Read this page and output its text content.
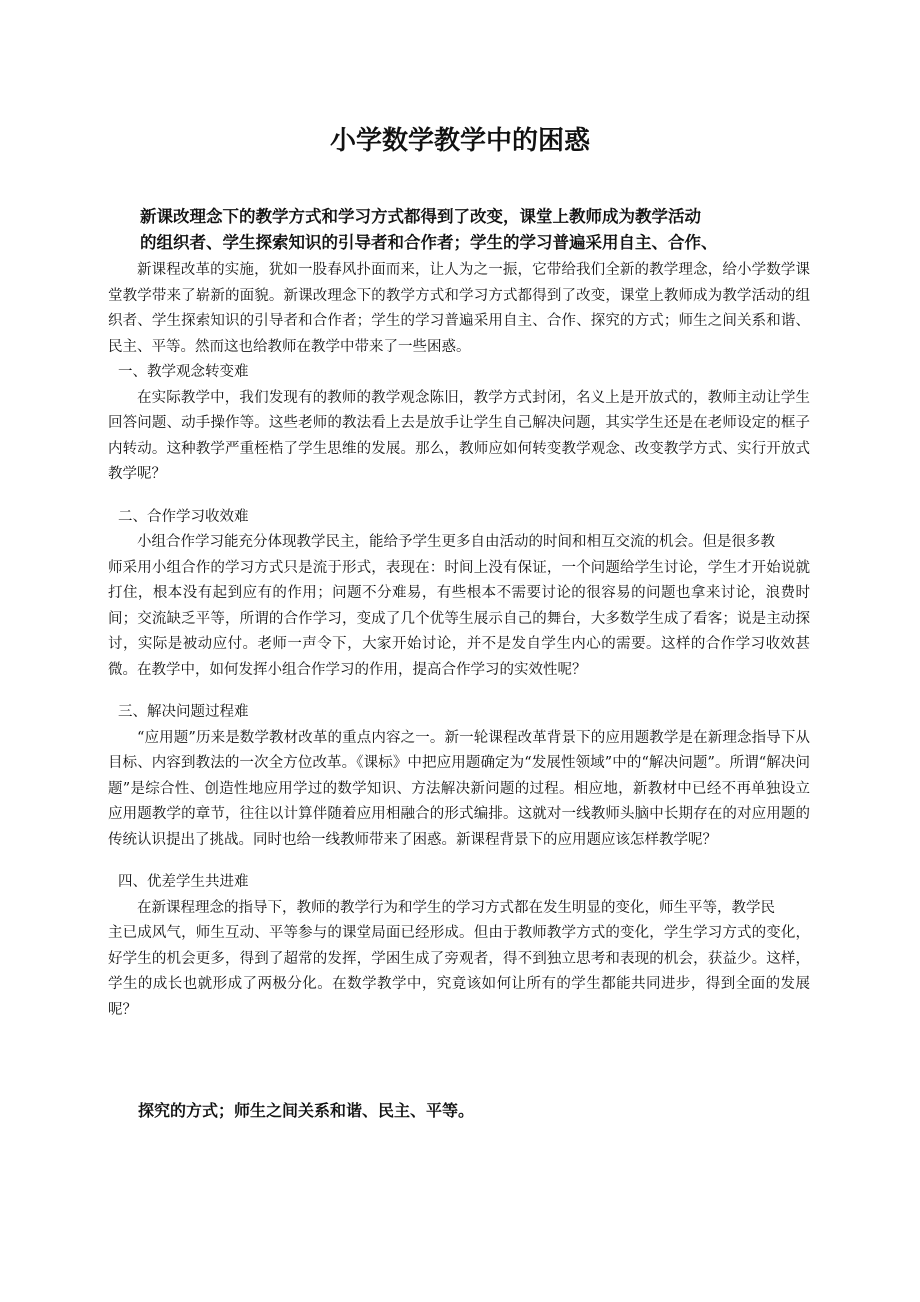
小学数学教学中的困惑
新课改理念下的教学方式和学习方式都得到了改变，课堂上教师成为教学活动
的组织者、学生探索知识的引导者和合作者；学生的学习普遍采用自主、合作、

新课程改革的实施，犹如一股春风扑面而来，让人为之一振，它带给我们全新的教学理念，给小学数学课堂教学带来了崭新的面貌。新课改理念下的教学方式和学习方式都得到了改变，课堂上教师成为教学活动的组织者、学生探索知识的引导者和合作者；学生的学习普遍采用自主、合作、探究的方式；师生之间关系和谐、民主、平等。然而这也给教师在教学中带来了一些困惑。

一、教学观念转变难

在实际教学中，我们发现有的教师的教学观念陈旧，教学方式封闭，名义上是开放式的，教师主动让学生回答问题、动手操作等。这些老师的教法看上去是放手让学生自己解决问题，其实学生还是在老师设定的框子内转动。这种教学严重桎梏了学生思维的发展。那么，教师应如何转变教学观念、改变教学方式、实行开放式教学呢？

二、合作学习收效难

小组合作学习能充分体现教学民主，能给予学生更多自由活动的时间和相互交流的机会。但是很多教

师采用小组合作的学习方式只是流于形式，表现在：时间上没有保证，一个问题给学生讨论，学生才开始说就打住，根本没有起到应有的作用；问题不分难易，有些根本不需要讨论的很容易的问题也拿来讨论，浪费时间；交流缺乏平等，所谓的合作学习，变成了几个优等生展示自己的舞台，大多数学生成了看客；说是主动探讨，实际是被动应付。老师一声令下，大家开始讨论，并不是发自学生内心的需要。这样的合作学习收效甚微。在教学中，如何发挥小组合作学习的作用，提高合作学习的实效性呢？

三、解决问题过程难

“应用题”历来是数学教材改革的重点内容之一。新一轮课程改革背景下的应用题教学是在新理念指导下从目标、内容到教法的一次全方位改革。《课标》中把应用题确定为“发展性领域”中的“解决问题”。所谓“解决问题”是综合性、创造性地应用学过的数学知识、方法解决新问题的过程。相应地，新教材中已经不再单独设立应用题教学的章节，往往以计算伴随着应用相融合的形式编排。这就对一线教师头脑中长期存在的对应用题的传统认识提出了挑战。同时也给一线教师带来了困惑。新课程背景下的应用题应该怎样教学呢？

四、优差学生共进难

在新课程理念的指导下，教师的教学行为和学生的学习方式都在发生明显的变化，师生平等，教学民

主已成风气，师生互动、平等参与的课堂局面已经形成。但由于教师教学方式的变化，学生学习方式的变化，好学生的机会更多，得到了超常的发挥，学困生成了旁观者，得不到独立思考和表现的机会，获益少。这样，学生的成长也就形成了两极分化。在数学教学中，究竟该如何让所有的学生都能共同进步，得到全面的发展呢？

探究的方式；师生之间关系和谐、民主、平等。
